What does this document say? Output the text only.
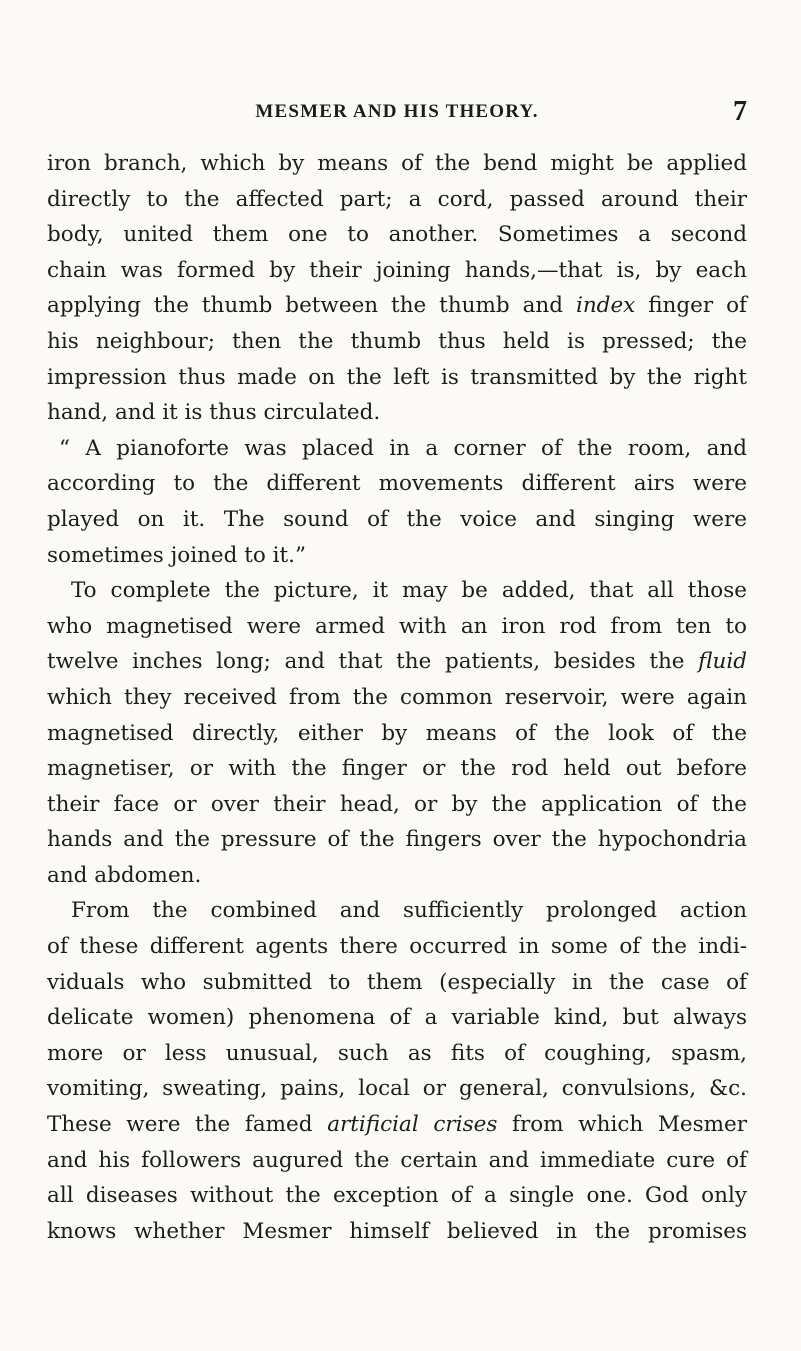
MESMER AND HIS THEORY.	7
iron branch, which by means of the bend might be applied
directly to the affected part; a cord, passed around their
body, united them one to another. Sometimes a second
chain was formed by their joining hands,—that is, by each
applying the thumb between the thumb and index finger of
his neighbour; then the thumb thus held is pressed; the
impression thus made on the left is transmitted by the right
hand, and it is thus circulated.
“ A pianoforte was placed in a corner of the room, and
according to the different movements different airs were
played on it. The sound of the voice and singing were
sometimes joined to it.”
To complete the picture, it may be added, that all those
who magnetised were armed with an iron rod from ten to
twelve inches long; and that the patients, besides the fluid
which they received from the common reservoir, were again
magnetised directly, either by means of the look of the
magnetiser, or with the finger or the rod held out before
their face or over their head, or by the application of the
hands and the pressure of the fingers over the hypochondria
and abdomen.
From the combined and sufficiently prolonged action
of these different agents there occurred in some of the indi-
viduals who submitted to them (especially in the case of
delicate women) phenomena of a variable kind, but always
more or less unusual, such as fits of coughing, spasm,
vomiting, sweating, pains, local or general, convulsions, &c.
These were the famed artificial crises from which Mesmer
and his followers augured the certain and immediate cure of
all diseases without the exception of a single one. God only
knows whether Mesmer himself believed in the promises
